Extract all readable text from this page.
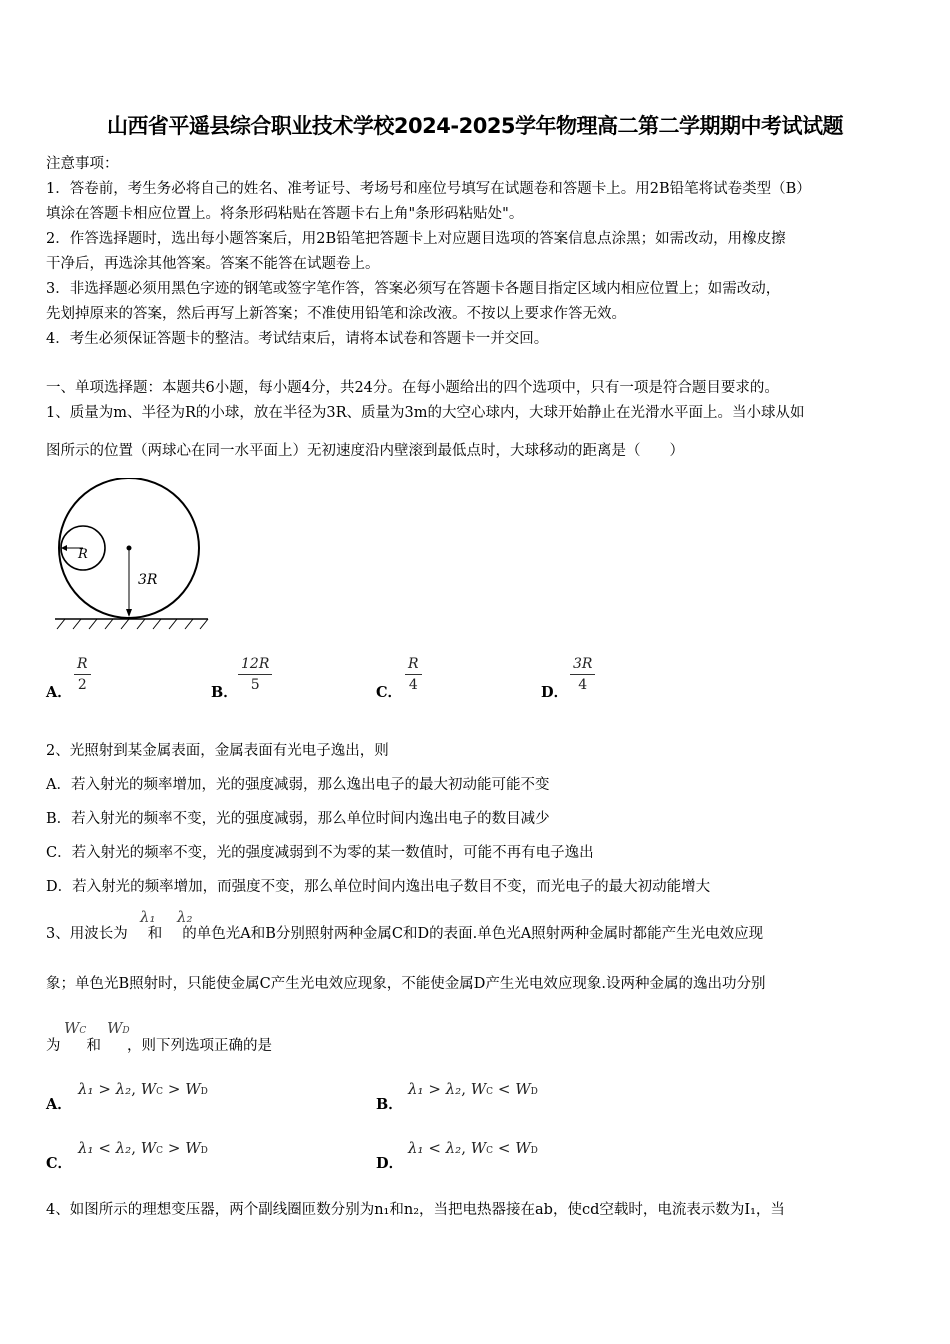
山西省平遥县综合职业技术学校2024-2025学年物理高二第二学期期中考试试题
注意事项：
1．答卷前，考生务必将自己的姓名、准考证号、考场号和座位号填写在试题卷和答题卡上。用2B铅笔将试卷类型（B）
填涂在答题卡相应位置上。将条形码粘贴在答题卡右上角"条形码粘贴处"。
2．作答选择题时，选出每小题答案后，用2B铅笔把答题卡上对应题目选项的答案信息点涂黑；如需改动，用橡皮擦
干净后，再选涂其他答案。答案不能答在试题卷上。
3．非选择题必须用黑色字迹的钢笔或签字笔作答，答案必须写在答题卡各题目指定区域内相应位置上；如需改动，
先划掉原来的答案，然后再写上新答案；不准使用铅笔和涂改液。不按以上要求作答无效。
4．考生必须保证答题卡的整洁。考试结束后，请将本试卷和答题卡一并交回。
一、单项选择题：本题共6小题，每小题4分，共24分。在每小题给出的四个选项中，只有一项是符合题目要求的。
1、质量为m、半径为R的小球，放在半径为3R、质量为3m的大空心球内，大球开始静止在光滑水平面上。当小球从如
图所示的位置（两球心在同一水平面上）无初速度沿内壁滚到最低点时，大球移动的距离是（　　）
R
3R
A． $\frac{R}{2}$	B． $\frac{12R}{5}$	C． $\frac{R}{4}$	D． $\frac{3R}{4}$
2、光照射到某金属表面，金属表面有光电子逸出，则
A．若入射光的频率增加，光的强度减弱，那么逸出电子的最大初动能可能不变
B．若入射光的频率不变，光的强度减弱，那么单位时间内逸出电子的数目减少
C．若入射光的频率不变，光的强度减弱到不为零的某一数值时，可能不再有电子逸出
D．若入射光的频率增加，而强度不变，那么单位时间内逸出电子数目不变，而光电子的最大初动能增大
3、用波长为 和 的单色光A和B分别照射两种金属C和D的表面.单色光A照射两种金属时都能产生光电效应现
λ₁ λ₂
象；单色光B照射时，只能使金属C产生光电效应现象，不能使金属D产生光电效应现象.设两种金属的逸出功分别
为 和 ，则下列选项正确的是
WC WD
A．
λ₁ > λ₂, WC > WD
B．
λ₁ > λ₂, WC < WD
C．
λ₁ < λ₂, WC > WD
D．
λ₁ < λ₂, WC < WD
4、如图所示的理想变压器，两个副线圈匝数分别为n₁和n₂，当把电热器接在ab，使cd空载时，电流表示数为I₁，当
